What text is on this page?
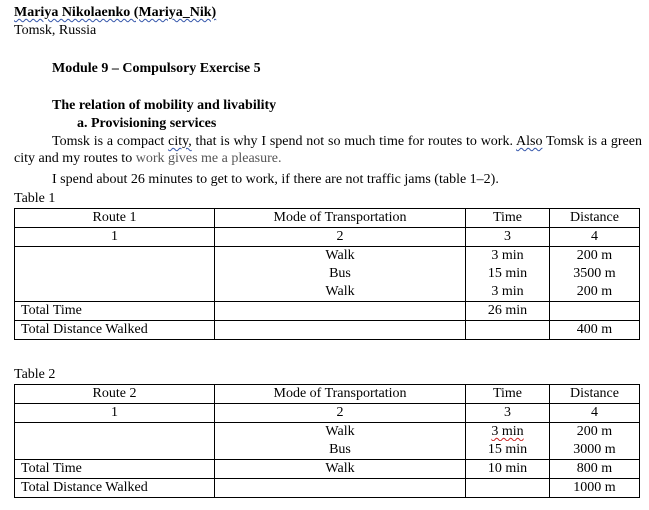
Mariya Nikolaenko (Mariya_Nik)
Tomsk, Russia
Module 9 – Compulsory Exercise 5
The relation of mobility and livability
a. Provisioning services
Tomsk is a compact city, that is why I spend not so much time for routes to work. Also Tomsk is a green city and my routes to work gives me a pleasure.
I spend about 26 minutes to get to work, if there are not traffic jams (table 1–2).
Table 1
Route 1	Mode of Transportation	Time	Distance
1	2	3	4
	Walk	3 min	200 m
	Bus	15 min	3500 m
	Walk	3 min	200 m
Total Time		26 min	
Total Distance Walked			400 m
Table 2
Route 2	Mode of Transportation	Time	Distance
1	2	3	4
	Walk	3 min	200 m
	Bus	15 min	3000 m
Total Time	Walk	10 min	800 m
Total Distance Walked			1000 m
